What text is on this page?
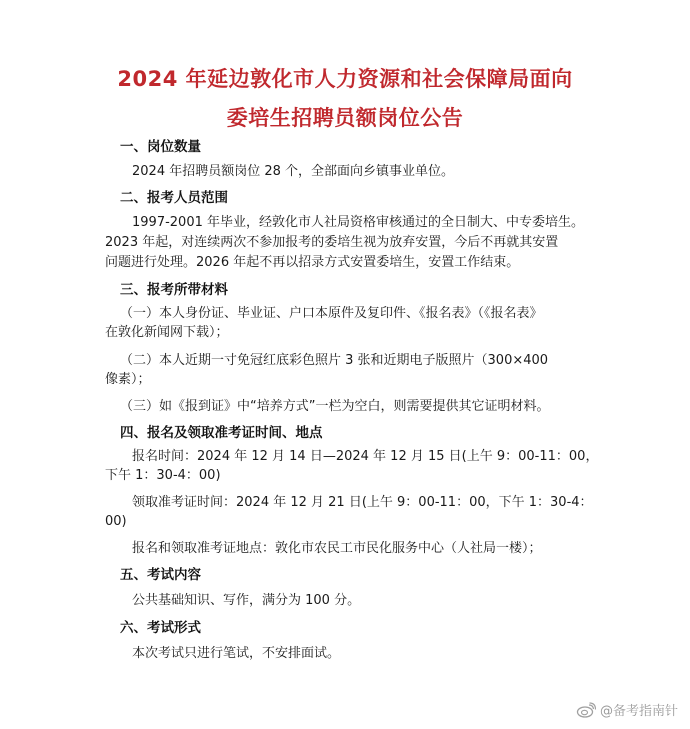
2024 年延边敦化市人力资源和社会保障局面向
委培生招聘员额岗位公告
一、岗位数量
2024 年招聘员额岗位 28 个，全部面向乡镇事业单位。
二、报考人员范围
1997-2001 年毕业，经敦化市人社局资格审核通过的全日制大、中专委培生。
2023 年起，对连续两次不参加报考的委培生视为放弃安置，今后不再就其安置
问题进行处理。2026 年起不再以招录方式安置委培生，安置工作结束。
三、报考所带材料
（一）本人身份证、毕业证、户口本原件及复印件、《报名表》（《报名表》
在敦化新闻网下载）；
（二）本人近期一寸免冠红底彩色照片 3 张和近期电子版照片（300×400
像素）；
（三）如《报到证》中“培养方式”一栏为空白，则需要提供其它证明材料。
四、报名及领取准考证时间、地点
报名时间：2024 年 12 月 14 日—2024 年 12 月 15 日(上午 9：00-11：00，
下午 1：30-4：00)
领取准考证时间：2024 年 12 月 21 日(上午 9：00-11：00，下午 1：30-4：
00)
报名和领取准考证地点：敦化市农民工市民化服务中心（人社局一楼）；
五、考试内容
公共基础知识、写作，满分为 100 分。
六、考试形式
本次考试只进行笔试，不安排面试。
@备考指南针
